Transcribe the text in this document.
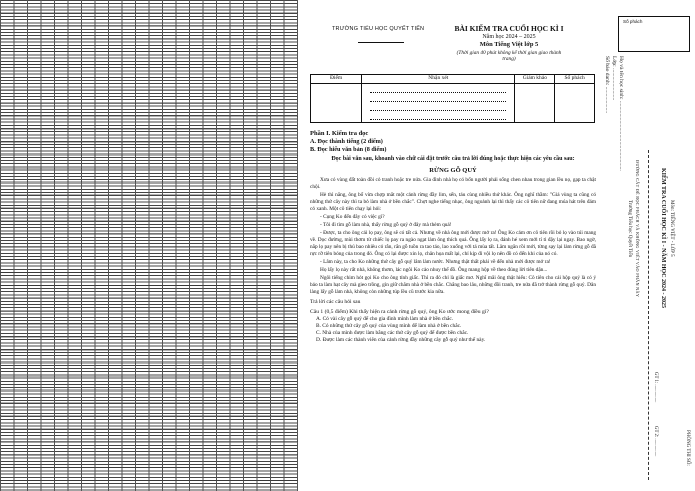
TRƯỜNG TIỂU HỌC QUYẾT TIẾN	BÀI KIỂM TRA CUỐI HỌC KÌ I
Năm học 2024 – 2025
Môn Tiếng Việt lớp 5
(Thời gian 40 phút không kể thời gian giao thành trang)
Điểm	Nhận xét	Giám khảo	Số phách

Phần I. Kiểm tra đọc

A. Đọc thành tiếng (2 điểm)

B. Đọc hiểu văn bản (8 điểm)

Đọc bài văn sau, khoanh vào chữ cái đặt trước câu trả lời đúng hoặc thực hiện các yêu cầu sau:

RỪNG GỖ QUÝ

Xưa có vùng đất toàn đồi cỏ tranh hoặc tre nứa. Gia đình nhà họ có bốn người phải sống chen nhau trong gian lều nọ, gạp ta chật chội.

Hè thì nắng, ông bố vừa chợp mắt một cảnh rừng đầy lim, sến, táu cùng nhiều thứ khác. Ông nghĩ thầm: "Giá vùng ta cũng có những thứ cây này thì ta bỏ làm nhà ở bền chắc". Chợt nghe tiếng nhạc, ông ngoảnh lại thì thấy các cô tiên nữ đang múa hát trên đám cỏ xanh. Một cô tiên chạy lại hỏi:

- Cụng Ko đến đây có việc gì?

- Tôi đi tìm gỗ làm nhà, thấy rừng gỗ quý ở đây mà thèm quá!

- Được, ta cho ông cái lọ pay, ông sẽ có tất cả. Nhưng về nhà ông mới được mở ra! Ông Ko cảm ơn cô tiên rồi bỏ lọ vào túi mang về. Dọc đường, mùi thơm từ chiếc lọ pay ra ngào ngạt làm ông thích quá. Ông lấy lọ ra, đánh hé xem mới tí ti đậy lại ngay. Bao ngờ, nắp lọ pay nên bị thú bao nhiêu cỏ rắn, rắn gỗ tuồn ra tao táo, lao xuống với tá mùa tất. Lâm ngăn rồi mới, từng sạy lại làm rừng gỗ đã rực rỡ tiên bóng của trong đó. Ông có lại được xin lọ, chân họa mất lại, chỉ kịp đi vội lọ nên đồ có đến khi của nó có.

- Lâm này, ta cho Ko những thứ cây gỗ quý lâm làm nước. Nhưng thật thất phải về đến nhà mới được mở ra!

Họ lấy lọ này rất nhà, không thơm, lác ngôi Ko cảo nhuy thế đồ. Ông mang hộp về theo đúng lời tiên dặn...

Ngôi tiếng chim hót gọi Ko cho ông tỉnh giấc. Thì ra đó chỉ là giấc mơ. Nghĩ mãi ông thật hiểu: Cô tiên cho cái hộp quý là có ý bảo ta làm hạt cây mà gieo trồng, gìn giữ chăm nhà ở bền chắc. Chẳng bao lâu, những đồi tranh, tre nứa đã trở thành rừng gỗ quý. Dân làng lấy gỗ làm nhà, không còn những túp lều cũ trước kia nữa.

Trả lời các câu hỏi sau

Câu 1 (0,5 điểm) Khi thấy hiện ra cảnh rừng gỗ quý, ông Ko ước mong điều gì?

A. Có vài cây gỗ quý để cho gia đình mình làm nhà ở bền chắc.

B. Có những thứ cây gỗ quý của vùng mình để làm nhà ở bền chắc.

C. Nhà của mình được làm bằng các thứ cây gỗ quý để được bền chắc.

D. Được làm các thành viên của cảnh rừng đầy những cây gỗ quý như thế này.

Số phách
Họ và tên học sinh: ..................................................
Lớp: .......................
Số báo danh: ...................
Trường Tiểu học Quyết Tiến ĐƯỜNG CẮT ĐỂ RỌC PHÁCH VÀ KHÔNG VIẾT VÀO PHẦN NÀY	KIỂM TRA CUỐI HỌC KÌ I - NĂM HỌC 2024 - 2025 Môn: TIẾNG VIỆT - LỚP 5
GT 1: ...............
GT 2: ...............	PHÒNG THI SỐ:
